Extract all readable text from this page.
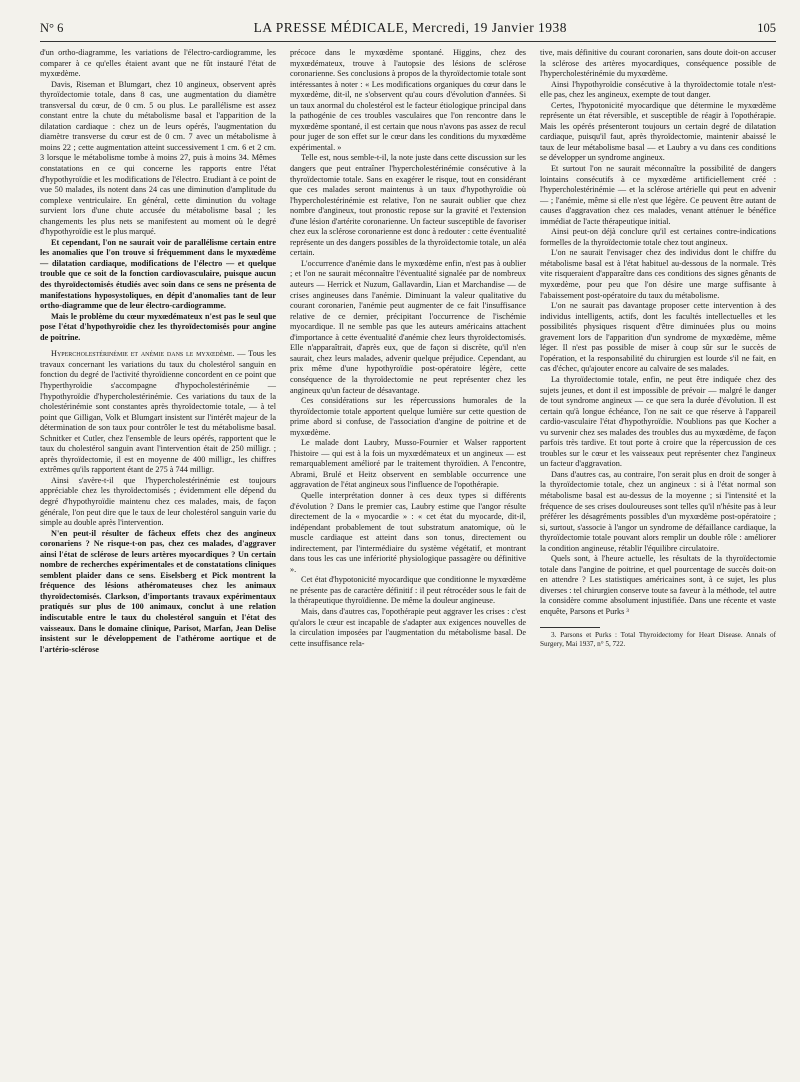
N° 6	LA PRESSE MÉDICALE, Mercredi, 19 Janvier 1938	105

d'un ortho-diagramme, les variations de l'électro-cardiogramme, les comparer à ce qu'elles étaient avant que ne fût instauré l'état de myxœdème.

Davis, Riseman et Blumgart, chez 10 angineux, observent après thyroïdectomie totale, dans 8 cas, une augmentation du diamètre transversal du cœur, de 0 cm. 5 ou plus. Le parallélisme est assez constant entre la chute du métabolisme basal et l'apparition de la dilatation cardiaque : chez un de leurs opérés, l'augmentation du diamètre transverse du cœur est de 0 cm. 7 avec un métabolisme à moins 22 ; cette augmentation atteint successivement 1 cm. 6 et 2 cm. 3 lorsque le métabolisme tombe à moins 27, puis à moins 34. Mêmes constatations en ce qui concerne les rapports entre l'état d'hypothyroïdie et les modifications de l'électro. Etudiant à ce point de vue 50 malades, ils notent dans 24 cas une diminution d'amplitude du complexe ventriculaire. En général, cette diminution du voltage survient lors d'une chute accusée du métabolisme basal ; les changements les plus nets se manifestent au moment où le degré d'hypothyroïdie est le plus marqué.

Et cependant, l'on ne saurait voir de parallélisme certain entre les anomalies que l'on trouve si fréquemment dans le myxœdème — dilatation cardiaque, modifications de l'électro — et quelque trouble que ce soit de la fonction cardiovasculaire, puisque aucun des thyroïdectomisés étudiés avec soin dans ce sens ne présenta de manifestations hyposystoliques, en dépit d'anomalies tant de leur ortho-diagramme que de leur électro-cardiogramme.

Mais le problème du cœur myxœdémateux n'est pas le seul que pose l'état d'hypothyroïdie chez les thyroïdectomisés pour angine de poitrine.

Hypercholestérinémie et anémie dans le myxœdème. — Tous les travaux concernant les variations du taux du cholestérol sanguin en fonction du degré de l'activité thyroïdienne concordent en ce point que l'hyperthyroïdie s'accompagne d'hypocholestérinémie — l'hypothyroïdie d'hypercholestérinémie. Ces variations du taux de la cholestérinémie sont constantes après thyroïdectomie totale, — à tel point que Gilligan, Volk et Blumgart insistent sur l'intérêt majeur de la détermination de son taux pour contrôler le test du métabolisme basal. Schnitker et Cutler, chez l'ensemble de leurs opérés, rapportent que le taux du cholestérol sanguin avant l'intervention était de 250 milligr. ; après thyroïdectomie, il est en moyenne de 400 milligr., les chiffres extrêmes qu'ils rapportent étant de 275 à 744 milligr.

Ainsi s'avère-t-il que l'hypercholestérinémie est toujours appréciable chez les thyroïdectomisés ; évidemment elle dépend du degré d'hypothyroïdie maintenu chez ces malades, mais, de façon générale, l'on peut dire que le taux de leur cholestérol sanguin varie du simple au double après l'intervention.

N'en peut-il résulter de fâcheux effets chez des angineux coronariens ? Ne risque-t-on pas, chez ces malades, d'aggraver ainsi l'état de sclérose de leurs artères myocardiques ? Un certain nombre de recherches expérimentales et de constatations cliniques semblent plaider dans ce sens. Eiselsberg et Pick montrent la fréquence des lésions athéromateuses chez les animaux thyroïdectomisés. Clarkson, d'importants travaux expérimentaux pratiqués sur plus de 100 animaux, conclut à une relation indiscutable entre le taux du cholestérol sanguin et l'état des vaisseaux. Dans le domaine clinique, Parisot, Marfan, Jean Delise insistent sur le développement de l'athérome aortique et de l'artério-sclérose

précoce dans le myxœdème spontané. Higgins, chez des myxœdémateux, trouve à l'autopsie des lésions de sclérose coronarienne. Ses conclusions à propos de la thyroïdectomie totale sont intéressantes à noter : « Les modifications organiques du cœur dans le myxœdème, dit-il, ne s'observent qu'au cours d'évolution d'années. Si un taux anormal du cholestérol est le facteur étiologique principal dans la pathogénie de ces troubles vasculaires que l'on rencontre dans le myxœdème spontané, il est certain que nous n'avons pas assez de recul pour juger de son effet sur le cœur dans les conditions du myxœdème expérimental. »

Telle est, nous semble-t-il, la note juste dans cette discussion sur les dangers que peut entraîner l'hypercholestérinémie consécutive à la thyroïdectomie totale. Sans en exagérer le risque, tout en considérant que ces malades seront maintenus à un taux d'hypothyroïdie où l'hypercholestérinémie est relative, l'on ne saurait oublier que chez nombre d'angineux, tout pronostic repose sur la gravité et l'extension d'une lésion d'artérite coronarienne. Un facteur susceptible de favoriser chez eux la sclérose coronarienne est donc à redouter : cette éventualité représente un des dangers possibles de la thyroïdectomie totale, un aléa certain.

L'occurrence d'anémie dans le myxœdème enfin, n'est pas à oublier ; et l'on ne saurait méconnaître l'éventualité signalée par de nombreux auteurs — Herrick et Nuzum, Gallavardin, Lian et Marchandise — de crises angineuses dans l'anémie. Diminuant la valeur qualitative du courant coronarien, l'anémie peut augmenter de ce fait l'insuffisance relative de ce dernier, précipitant l'occurrence de l'ischémie myocardique. Il ne semble pas que les auteurs américains attachent d'importance à cette éventualité d'anémie chez leurs thyroïdectomisés. Elle n'apparaîtrait, d'après eux, que de façon si discrète, qu'il n'en saurait, chez leurs malades, advenir quelque préjudice. Cependant, au prix même d'une hypothyroïdie post-opératoire légère, cette conséquence de la thyroïdectomie ne peut représenter chez les angineux qu'un facteur de désavantage.

Ces considérations sur les répercussions humorales de la thyroïdectomie totale apportent quelque lumière sur cette question de prime abord si confuse, de l'association d'angine de poitrine et de myxœdème.

Le malade dont Laubry, Musso-Fournier et Walser rapportent l'histoire — qui est à la fois un myxœdémateux et un angineux — est remarquablement amélioré par le traitement thyroïdien. A l'encontre, Abrami, Brulé et Heitz observent en semblable occurrence une aggravation de l'état angineux sous l'influence de l'opothérapie.

Quelle interprétation donner à ces deux types si différents d'évolution ? Dans le premier cas, Laubry estime que l'angor résulte directement de la « myocardie » : « cet état du myocarde, dit-il, indépendant probablement de tout substratum anatomique, où le muscle cardiaque est atteint dans son tonus, directement ou indirectement, par l'intermédiaire du système végétatif, et montrant dans tous les cas une infériorité physiologique passagère ou définitive ».

Cet état d'hypotonicité myocardique que conditionne le myxœdème ne présente pas de caractère définitif : il peut rétrocéder sous le fait de la thérapeutique thyroïdienne. De même la douleur angineuse.

Mais, dans d'autres cas, l'opothérapie peut aggraver les crises : c'est qu'alors le cœur est incapable de s'adapter aux exigences nouvelles de la circulation imposées par l'augmentation du métabolisme basal. De cette insuffisance rela-

tive, mais définitive du courant coronarien, sans doute doit-on accuser la sclérose des artères myocardiques, conséquence possible de l'hypercholestérinémie du myxœdème.

Ainsi l'hypothyroïdie consécutive à la thyroïdectomie totale n'est-elle pas, chez les angineux, exempte de tout danger.

Certes, l'hypotonicité myocardique que détermine le myxœdème représente un état réversible, et susceptible de réagir à l'opothérapie. Mais les opérés présenteront toujours un certain degré de dilatation cardiaque, puisqu'il faut, après thyroïdectomie, maintenir abaissé le taux de leur métabolisme basal — et Laubry a vu dans ces conditions se développer un syndrome angineux.

Et surtout l'on ne saurait méconnaître la possibilité de dangers lointains consécutifs à ce myxœdème artificiellement créé : l'hypercholestérinémie — et la sclérose artérielle qui peut en advenir — ; l'anémie, même si elle n'est que légère. Ce peuvent être autant de causes d'aggravation chez ces malades, venant atténuer le bénéfice immédiat de l'acte thérapeutique initial.

Ainsi peut-on déjà conclure qu'il est certaines contre-indications formelles de la thyroïdectomie totale chez tout angineux.

L'on ne saurait l'envisager chez des individus dont le chiffre du métabolisme basal est à l'état habituel au-dessous de la normale. Très vite risqueraient d'apparaître dans ces conditions des signes gênants de myxœdème, pour peu que l'on désire une marge suffisante à l'abaissement post-opératoire du taux du métabolisme.

L'on ne saurait pas davantage proposer cette intervention à des individus intelligents, actifs, dont les facultés intellectuelles et les possibilités physiques risquent d'être diminuées plus ou moins gravement lors de l'apparition d'un syndrome de myxœdème, même léger. Il n'est pas possible de miser à coup sûr sur le succès de l'opération, et la responsabilité du chirurgien est lourde s'il ne fait, en cas d'échec, qu'ajouter encore au calvaire de ses malades.

La thyroïdectomie totale, enfin, ne peut être indiquée chez des sujets jeunes, et dont il est impossible de prévoir — malgré le danger de tout syndrome angineux — ce que sera la durée d'évolution. Il est certain qu'à longue échéance, l'on ne sait ce que réserve à l'appareil cardio-vasculaire l'état d'hypothyroïdie. N'oublions pas que Kocher a vu survenir chez ses malades des troubles dus au myxœdème, de façon parfois très tardive. Et tout porte à croire que la répercussion de ces troubles sur le cœur et les vaisseaux peut représenter chez l'angineux un facteur d'aggravation.

Dans d'autres cas, au contraire, l'on serait plus en droit de songer à la thyroïdectomie totale, chez un angineux : si à l'état normal son métabolisme basal est au-dessus de la moyenne ; si l'intensité et la fréquence de ses crises douloureuses sont telles qu'il n'hésite pas à leur préférer les désagréments possibles d'un myxœdème post-opératoire ; si, surtout, s'associe à l'angor un syndrome de défaillance cardiaque, la thyroïdectomie totale pouvant alors remplir un double rôle : améliorer la condition angineuse, rétablir l'équilibre circulatoire.

Quels sont, à l'heure actuelle, les résultats de la thyroïdectomie totale dans l'angine de poitrine, et quel pourcentage de succès doit-on en attendre ? Les statistiques américaines sont, à ce sujet, les plus diverses : tel chirurgien conserve toute sa faveur à la méthode, tel autre la considère comme absolument injustifiée. Dans une récente et vaste enquête, Parsons et Purks ³

3. Parsons et Purks : Total Thyroidectomy for Heart Disease. Annals of Surgery, Mai 1937, n° 5, 722.
